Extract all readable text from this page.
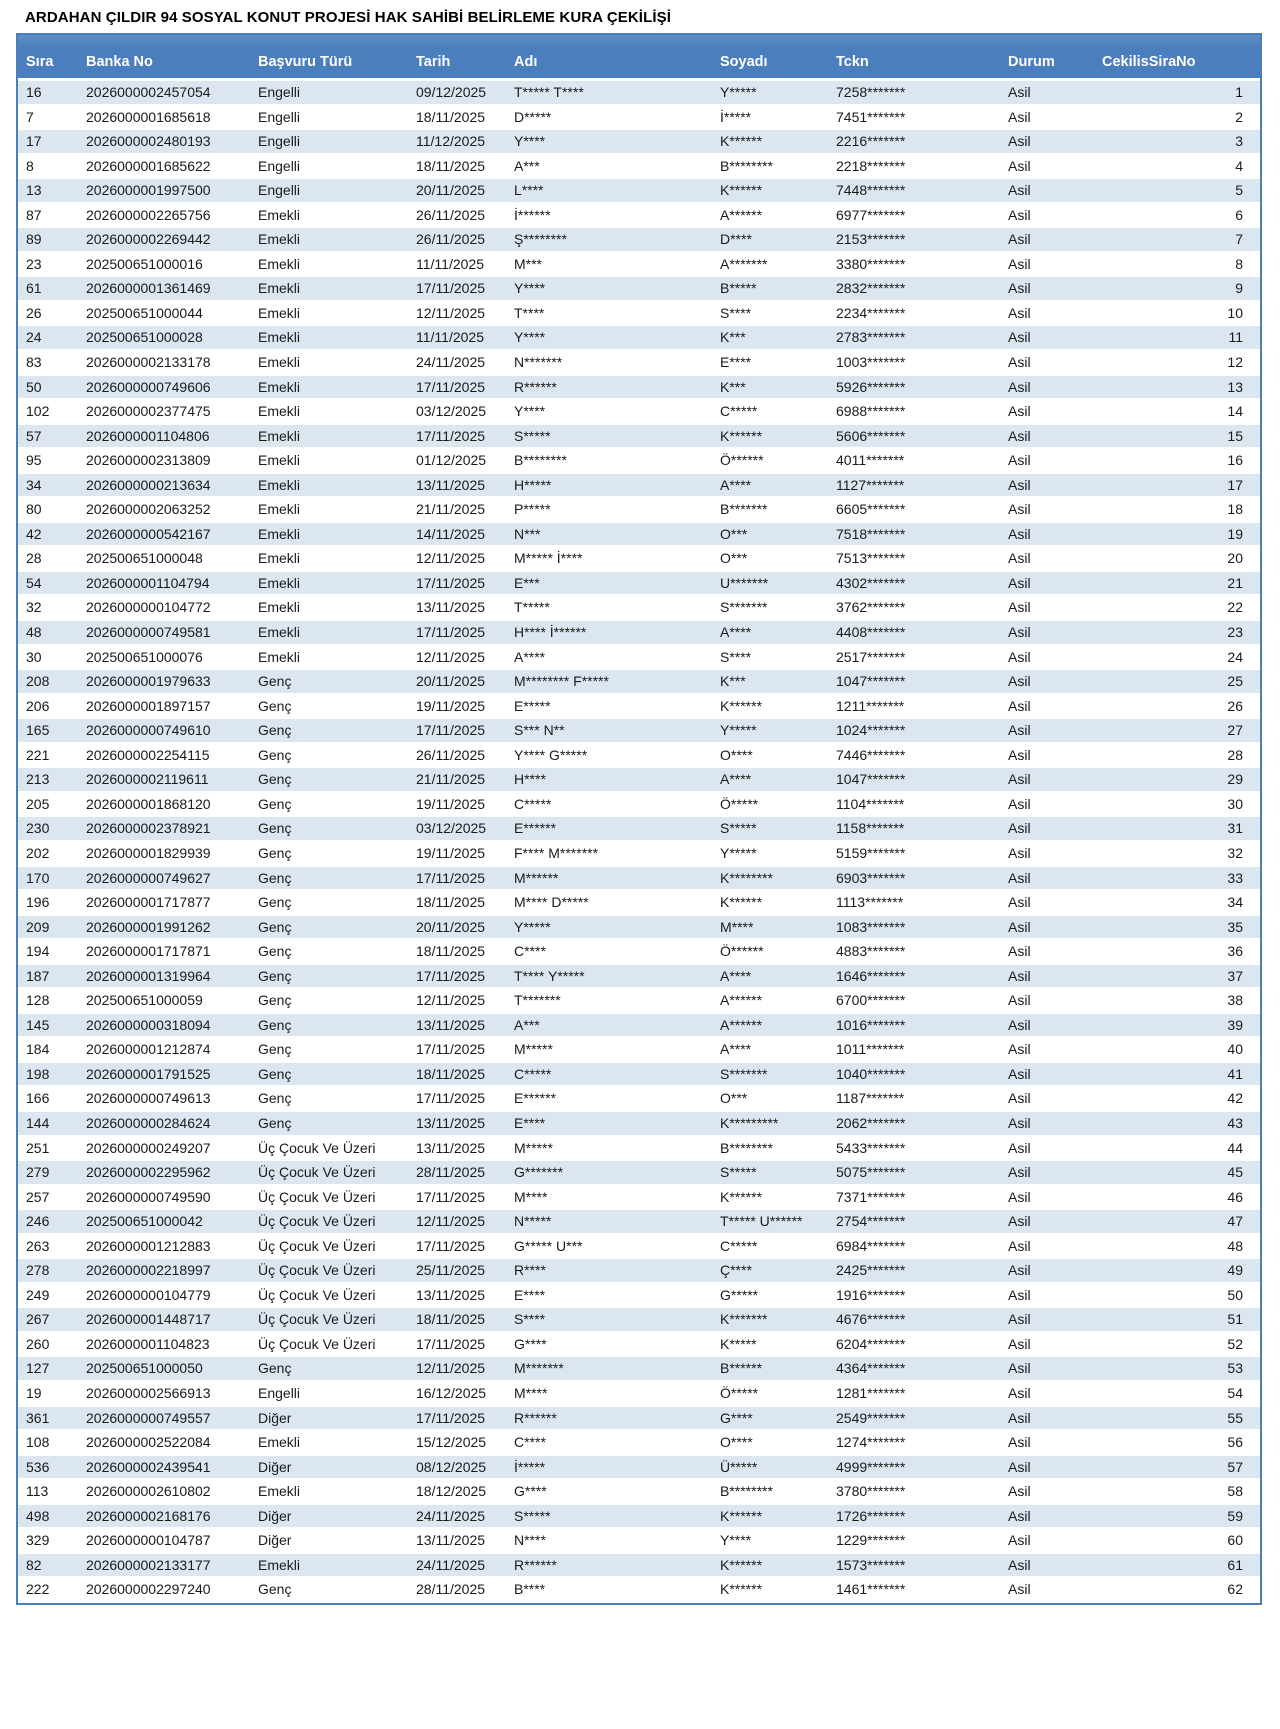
ARDAHAN ÇILDIR 94 SOSYAL KONUT PROJESİ HAK SAHİBİ BELİRLEME KURA ÇEKİLİŞİ
Sıra	Banka No	Başvuru Türü	Tarih	Adı	Soyadı	Tckn	Durum	CekilisSiraNo
16	2026000002457054	Engelli	09/12/2025	T***** T****	Y*****	7258*******	Asil	1
7	2026000001685618	Engelli	18/11/2025	D*****	İ*****	7451*******	Asil	2
17	2026000002480193	Engelli	11/12/2025	Y****	K******	2216*******	Asil	3
8	2026000001685622	Engelli	18/11/2025	A***	B********	2218*******	Asil	4
13	2026000001997500	Engelli	20/11/2025	L****	K******	7448*******	Asil	5
87	2026000002265756	Emekli	26/11/2025	İ******	A******	6977*******	Asil	6
89	2026000002269442	Emekli	26/11/2025	Ş********	D****	2153*******	Asil	7
23	202500651000016	Emekli	11/11/2025	M***	A*******	3380*******	Asil	8
61	2026000001361469	Emekli	17/11/2025	Y****	B*****	2832*******	Asil	9
26	202500651000044	Emekli	12/11/2025	T****	S****	2234*******	Asil	10
24	202500651000028	Emekli	11/11/2025	Y****	K***	2783*******	Asil	11
83	2026000002133178	Emekli	24/11/2025	N*******	E****	1003*******	Asil	12
50	2026000000749606	Emekli	17/11/2025	R******	K***	5926*******	Asil	13
102	2026000002377475	Emekli	03/12/2025	Y****	C*****	6988*******	Asil	14
57	2026000001104806	Emekli	17/11/2025	S*****	K******	5606*******	Asil	15
95	2026000002313809	Emekli	01/12/2025	B********	Ö******	4011*******	Asil	16
34	2026000000213634	Emekli	13/11/2025	H*****	A****	1127*******	Asil	17
80	2026000002063252	Emekli	21/11/2025	P*****	B*******	6605*******	Asil	18
42	2026000000542167	Emekli	14/11/2025	N***	O***	7518*******	Asil	19
28	202500651000048	Emekli	12/11/2025	M***** İ****	O***	7513*******	Asil	20
54	2026000001104794	Emekli	17/11/2025	E***	U*******	4302*******	Asil	21
32	2026000000104772	Emekli	13/11/2025	T*****	S*******	3762*******	Asil	22
48	2026000000749581	Emekli	17/11/2025	H**** İ******	A****	4408*******	Asil	23
30	202500651000076	Emekli	12/11/2025	A****	S****	2517*******	Asil	24
208	2026000001979633	Genç	20/11/2025	M******** F*****	K***	1047*******	Asil	25
206	2026000001897157	Genç	19/11/2025	E*****	K******	1211*******	Asil	26
165	2026000000749610	Genç	17/11/2025	S*** N**	Y*****	1024*******	Asil	27
221	2026000002254115	Genç	26/11/2025	Y**** G*****	O****	7446*******	Asil	28
213	2026000002119611	Genç	21/11/2025	H****	A****	1047*******	Asil	29
205	2026000001868120	Genç	19/11/2025	C*****	Ö*****	1104*******	Asil	30
230	2026000002378921	Genç	03/12/2025	E******	S*****	1158*******	Asil	31
202	2026000001829939	Genç	19/11/2025	F**** M*******	Y*****	5159*******	Asil	32
170	2026000000749627	Genç	17/11/2025	M******	K********	6903*******	Asil	33
196	2026000001717877	Genç	18/11/2025	M**** D*****	K******	1113*******	Asil	34
209	2026000001991262	Genç	20/11/2025	Y*****	M****	1083*******	Asil	35
194	2026000001717871	Genç	18/11/2025	C****	Ö******	4883*******	Asil	36
187	2026000001319964	Genç	17/11/2025	T**** Y*****	A****	1646*******	Asil	37
128	202500651000059	Genç	12/11/2025	T*******	A******	6700*******	Asil	38
145	2026000000318094	Genç	13/11/2025	A***	A******	1016*******	Asil	39
184	2026000001212874	Genç	17/11/2025	M*****	A****	1011*******	Asil	40
198	2026000001791525	Genç	18/11/2025	C*****	S*******	1040*******	Asil	41
166	2026000000749613	Genç	17/11/2025	E******	O***	1187*******	Asil	42
144	2026000000284624	Genç	13/11/2025	E****	K*********	2062*******	Asil	43
251	2026000000249207	Üç Çocuk Ve Üzeri	13/11/2025	M*****	B********	5433*******	Asil	44
279	2026000002295962	Üç Çocuk Ve Üzeri	28/11/2025	G*******	S*****	5075*******	Asil	45
257	2026000000749590	Üç Çocuk Ve Üzeri	17/11/2025	M****	K******	7371*******	Asil	46
246	202500651000042	Üç Çocuk Ve Üzeri	12/11/2025	N*****	T***** U******	2754*******	Asil	47
263	2026000001212883	Üç Çocuk Ve Üzeri	17/11/2025	G***** U***	C*****	6984*******	Asil	48
278	2026000002218997	Üç Çocuk Ve Üzeri	25/11/2025	R****	Ç****	2425*******	Asil	49
249	2026000000104779	Üç Çocuk Ve Üzeri	13/11/2025	E****	G*****	1916*******	Asil	50
267	2026000001448717	Üç Çocuk Ve Üzeri	18/11/2025	S****	K*******	4676*******	Asil	51
260	2026000001104823	Üç Çocuk Ve Üzeri	17/11/2025	G****	K*****	6204*******	Asil	52
127	202500651000050	Genç	12/11/2025	M*******	B******	4364*******	Asil	53
19	2026000002566913	Engelli	16/12/2025	M****	Ö*****	1281*******	Asil	54
361	2026000000749557	Diğer	17/11/2025	R******	G****	2549*******	Asil	55
108	2026000002522084	Emekli	15/12/2025	C****	O****	1274*******	Asil	56
536	2026000002439541	Diğer	08/12/2025	İ*****	Ü*****	4999*******	Asil	57
113	2026000002610802	Emekli	18/12/2025	G****	B********	3780*******	Asil	58
498	2026000002168176	Diğer	24/11/2025	S*****	K******	1726*******	Asil	59
329	2026000000104787	Diğer	13/11/2025	N****	Y****	1229*******	Asil	60
82	2026000002133177	Emekli	24/11/2025	R******	K******	1573*******	Asil	61
222	2026000002297240	Genç	28/11/2025	B****	K******	1461*******	Asil	62
